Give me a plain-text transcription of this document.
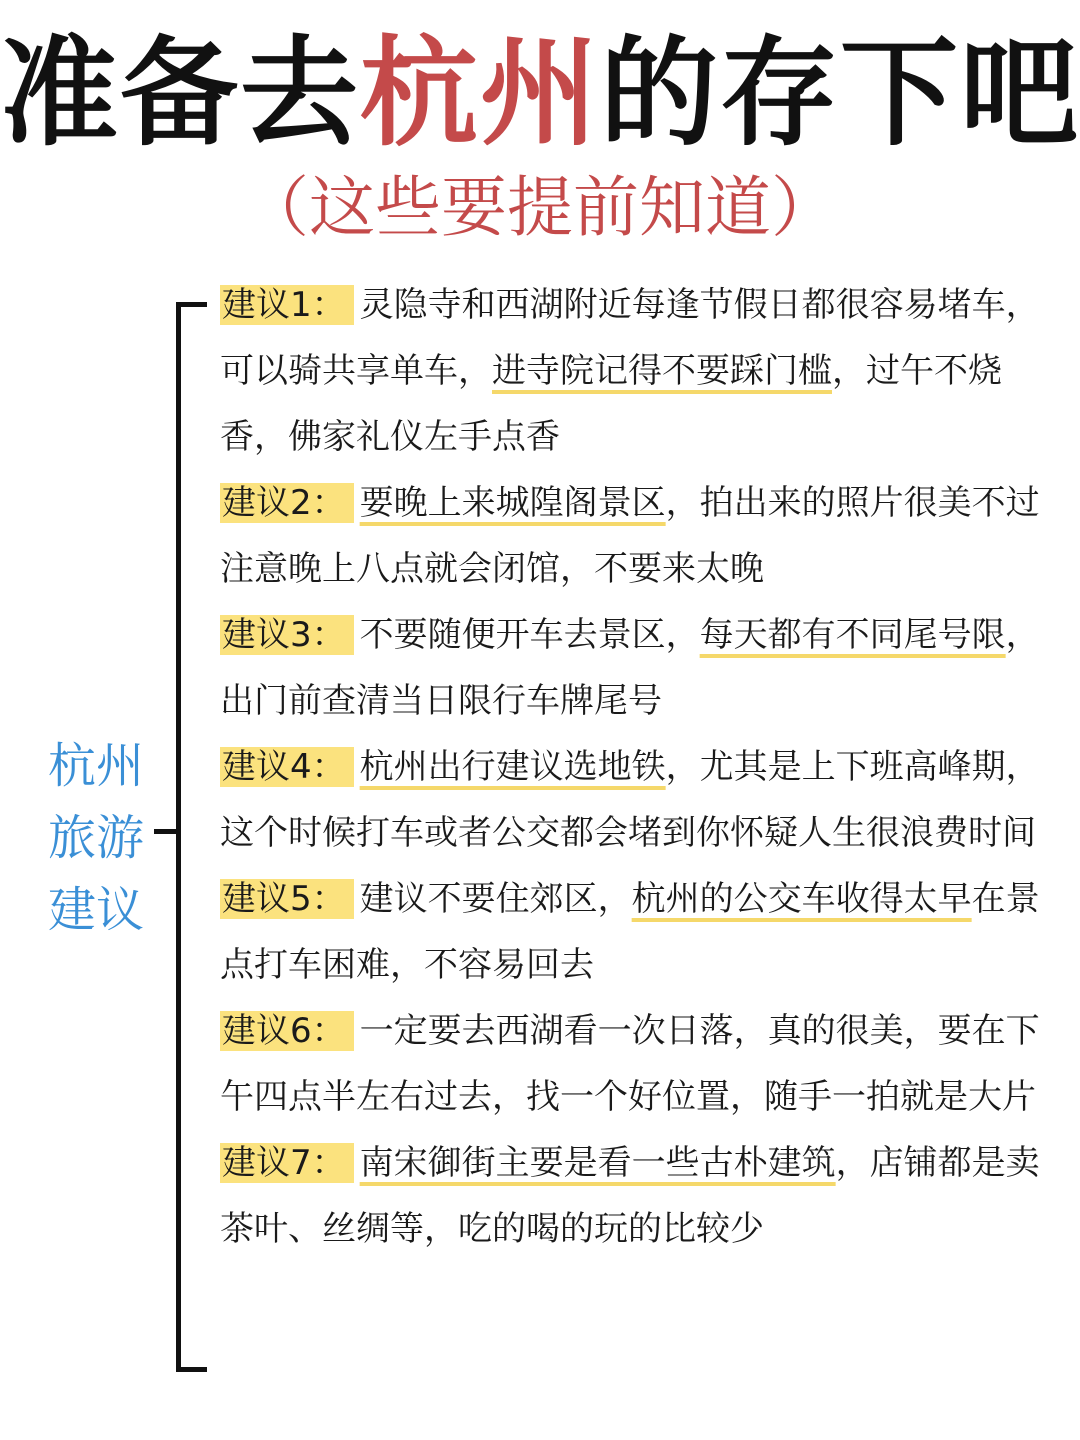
准备去杭州的存下吧
（这些要提前知道）
杭州
旅游
建议

建议1： 灵隐寺和西湖附近每逢节假日都很容易堵车，可以骑共享单车，进寺院记得不要踩门槛，过午不烧香，佛家礼仪左手点香

建议2： 要晚上来城隍阁景区，拍出来的照片很美不过注意晚上八点就会闭馆，不要来太晚

建议3： 不要随便开车去景区，每天都有不同尾号限，出门前查清当日限行车牌尾号

建议4： 杭州出行建议选地铁，尤其是上下班高峰期，这个时候打车或者公交都会堵到你怀疑人生很浪费时间

建议5： 建议不要住郊区，杭州的公交车收得太早在景点打车困难，不容易回去

建议6： 一定要去西湖看一次日落，真的很美，要在下午四点半左右过去，找一个好位置，随手一拍就是大片

建议7： 南宋御街主要是看一些古朴建筑，店铺都是卖茶叶、丝绸等，吃的喝的玩的比较少
